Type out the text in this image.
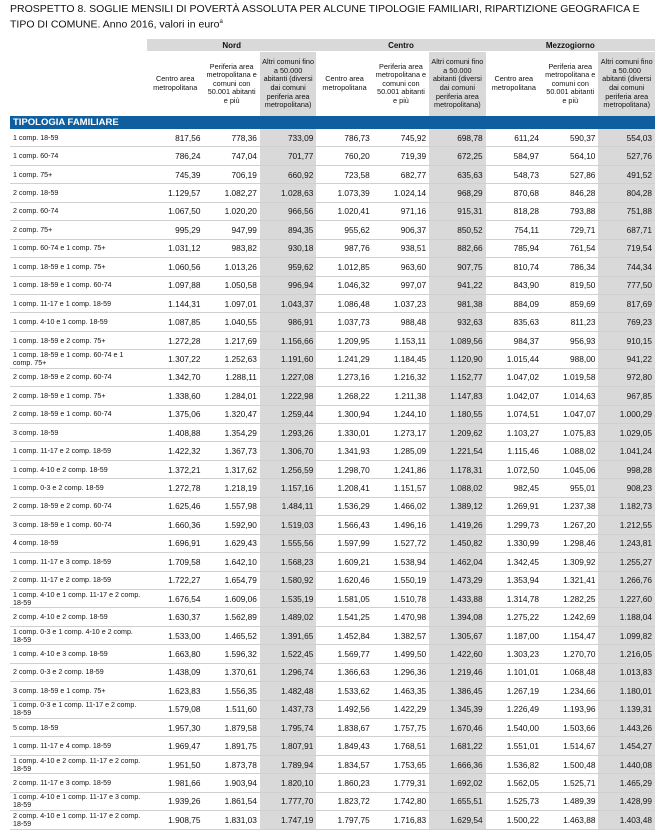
PROSPETTO 8. SOGLIE MENSILI DI POVERTÀ ASSOLUTA PER ALCUNE TIPOLOGIE FAMILIARI, RIPARTIZIONE GEOGRAFICA E TIPO DI COMUNE. Anno 2016, valori in euro$^a$
	Nord			Centro			Mezzogiorno		
	Centro area metropolitana	Periferia area metropolitana e comuni con 50.001 abitanti e più	Altri comuni fino a 50.000 abitanti (diversi dai comuni periferia area metropolitana)	Centro area metropolitana	Periferia area metropolitana e comuni con 50.001 abitanti e più	Altri comuni fino a 50.000 abitanti (diversi dai comuni periferia area metropolitana)	Centro area metropolitana	Periferia area metropolitana e comuni con 50.001 abitanti e più	Altri comuni fino a 50.000 abitanti (diversi dai comuni periferia area metropolitana)
TIPOLOGIA FAMILIARE									
1 comp. 18-59	817,56	778,36	733,09	786,73	745,92	698,78	611,24	590,37	554,03
1 comp. 60-74	786,24	747,04	701,77	760,20	719,39	672,25	584,97	564,10	527,76
1 comp. 75+	745,39	706,19	660,92	723,58	682,77	635,63	548,73	527,86	491,52
2 comp. 18-59	1.129,57	1.082,27	1.028,63	1.073,39	1.024,14	968,29	870,68	846,28	804,28
2 comp. 60-74	1.067,50	1.020,20	966,56	1.020,41	971,16	915,31	818,28	793,88	751,88
2 comp. 75+	995,29	947,99	894,35	955,62	906,37	850,52	754,11	729,71	687,71
1 comp. 60-74 e 1 comp. 75+	1.031,12	983,82	930,18	987,76	938,51	882,66	785,94	761,54	719,54
1 comp. 18-59 e 1 comp. 75+	1.060,56	1.013,26	959,62	1.012,85	963,60	907,75	810,74	786,34	744,34
1 comp. 18-59 e 1 comp. 60-74	1.097,88	1.050,58	996,94	1.046,32	997,07	941,22	843,90	819,50	777,50
1 comp. 11-17 e 1 comp. 18-59	1.144,31	1.097,01	1.043,37	1.086,48	1.037,23	981,38	884,09	859,69	817,69
1 comp. 4-10 e 1 comp. 18-59	1.087,85	1.040,55	986,91	1.037,73	988,48	932,63	835,63	811,23	769,23
1 comp. 18-59 e 2 comp. 75+	1.272,28	1.217,69	1.156,66	1.209,95	1.153,11	1.089,56	984,37	956,93	910,15
1 comp. 18-59 e 1 comp. 60-74 e 1 comp. 75+	1.307,22	1.252,63	1.191,60	1.241,29	1.184,45	1.120,90	1.015,44	988,00	941,22
2 comp. 18-59 e 2 comp. 60-74	1.342,70	1.288,11	1.227,08	1.273,16	1.216,32	1.152,77	1.047,02	1.019,58	972,80
2 comp. 18-59 e 1 comp. 75+	1.338,60	1.284,01	1.222,98	1.268,22	1.211,38	1.147,83	1.042,07	1.014,63	967,85
2 comp. 18-59 e 1 comp. 60-74	1.375,06	1.320,47	1.259,44	1.300,94	1.244,10	1.180,55	1.074,51	1.047,07	1.000,29
3 comp. 18-59	1.408,88	1.354,29	1.293,26	1.330,01	1.273,17	1.209,62	1.103,27	1.075,83	1.029,05
1 comp. 11-17 e 2 comp. 18-59	1.422,32	1.367,73	1.306,70	1.341,93	1.285,09	1.221,54	1.115,46	1.088,02	1.041,24
1 comp. 4-10 e 2 comp. 18-59	1.372,21	1.317,62	1.256,59	1.298,70	1.241,86	1.178,31	1.072,50	1.045,06	998,28
1 comp. 0-3 e 2 comp. 18-59	1.272,78	1.218,19	1.157,16	1.208,41	1.151,57	1.088,02	982,45	955,01	908,23
2 comp. 18-59 e 2 comp. 60-74	1.625,46	1.557,98	1.484,11	1.536,29	1.466,02	1.389,12	1.269,91	1.237,38	1.182,73
3 comp. 18-59 e 1 comp. 60-74	1.660,36	1.592,90	1.519,03	1.566,43	1.496,16	1.419,26	1.299,73	1.267,20	1.212,55
4 comp. 18-59	1.696,91	1.629,43	1.555,56	1.597,99	1.527,72	1.450,82	1.330,99	1.298,46	1.243,81
1 comp. 11-17 e 3 comp. 18-59	1.709,58	1.642,10	1.568,23	1.609,21	1.538,94	1.462,04	1.342,45	1.309,92	1.255,27
2 comp. 11-17 e 2 comp. 18-59	1.722,27	1.654,79	1.580,92	1.620,46	1.550,19	1.473,29	1.353,94	1.321,41	1.266,76
1 comp. 4-10 e 1 comp. 11-17 e 2 comp. 18-59	1.676,54	1.609,06	1.535,19	1.581,05	1.510,78	1.433,88	1.314,78	1.282,25	1.227,60
2 comp. 4-10 e 2 comp. 18-59	1.630,37	1.562,89	1.489,02	1.541,25	1.470,98	1.394,08	1.275,22	1.242,69	1.188,04
1 comp. 0-3 e 1 comp. 4-10 e 2 comp. 18-59	1.533,00	1.465,52	1.391,65	1.452,84	1.382,57	1.305,67	1.187,00	1.154,47	1.099,82
1 comp. 4-10 e 3 comp. 18-59	1.663,80	1.596,32	1.522,45	1.569,77	1.499,50	1.422,60	1.303,23	1.270,70	1.216,05
2 comp. 0-3 e 2 comp. 18-59	1.438,09	1.370,61	1.296,74	1.366,63	1.296,36	1.219,46	1.101,01	1.068,48	1.013,83
3 comp. 18-59 e 1 comp. 75+	1.623,83	1.556,35	1.482,48	1.533,62	1.463,35	1.386,45	1.267,19	1.234,66	1.180,01
1 comp. 0-3 e 1 comp. 11-17 e 2 comp. 18-59	1.579,08	1.511,60	1.437,73	1.492,56	1.422,29	1.345,39	1.226,49	1.193,96	1.139,31
5 comp. 18-59	1.957,30	1.879,58	1.795,74	1.838,67	1.757,75	1.670,46	1.540,00	1.503,66	1.443,26
1 comp. 11-17 e 4 comp. 18-59	1.969,47	1.891,75	1.807,91	1.849,43	1.768,51	1.681,22	1.551,01	1.514,67	1.454,27
1 comp. 4-10 e 2 comp. 11-17 e 2 comp. 18-59	1.951,50	1.873,78	1.789,94	1.834,57	1.753,65	1.666,36	1.536,82	1.500,48	1.440,08
2 comp. 11-17 e 3 comp. 18-59	1.981,66	1.903,94	1.820,10	1.860,23	1.779,31	1.692,02	1.562,05	1.525,71	1.465,29
1 comp. 4-10 e 1 comp. 11-17 e 3 comp. 18-59	1.939,26	1.861,54	1.777,70	1.823,72	1.742,80	1.655,51	1.525,73	1.489,39	1.428,99
2 comp. 4-10 e 1 comp. 11-17 e 2 comp. 18-59	1.908,75	1.831,03	1.747,19	1.797,75	1.716,83	1.629,54	1.500,22	1.463,88	1.403,48
